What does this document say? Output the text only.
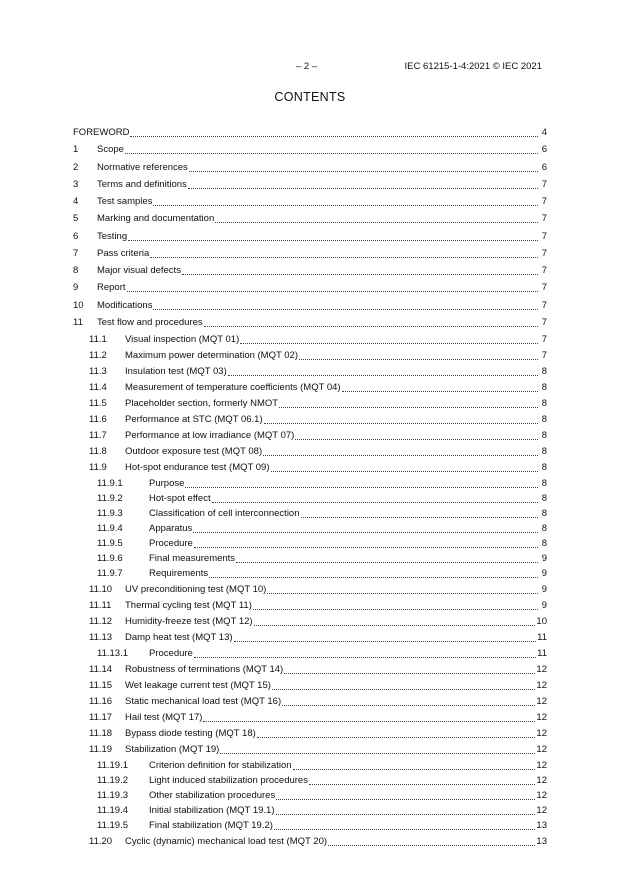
– 2 –	IEC 61215-1-4:2021 © IEC 2021
CONTENTS
FOREWORD	4
1	Scope	6
2	Normative references	6
3	Terms and definitions	7
4	Test samples	7
5	Marking and documentation	7
6	Testing	7
7	Pass criteria	7
8	Major visual defects	7
9	Report	7
10	Modifications	7
11	Test flow and procedures	7
11.1	Visual inspection (MQT 01)	7
11.2	Maximum power determination (MQT 02)	7
11.3	Insulation test (MQT 03)	8
11.4	Measurement of temperature coefficients (MQT 04)	8
11.5	Placeholder section, formerly NMOT	8
11.6	Performance at STC (MQT 06.1)	8
11.7	Performance at low irradiance (MQT 07)	8
11.8	Outdoor exposure test (MQT 08)	8
11.9	Hot-spot endurance test (MQT 09)	8
11.9.1	Purpose	8
11.9.2	Hot-spot effect	8
11.9.3	Classification of cell interconnection	8
11.9.4	Apparatus	8
11.9.5	Procedure	8
11.9.6	Final measurements	9
11.9.7	Requirements	9
11.10	UV preconditioning test (MQT 10)	9
11.11	Thermal cycling test (MQT 11)	9
11.12	Humidity-freeze test (MQT 12)	10
11.13	Damp heat test (MQT 13)	11
11.13.1	Procedure	11
11.14	Robustness of terminations (MQT 14)	12
11.15	Wet leakage current test (MQT 15)	12
11.16	Static mechanical load test (MQT 16)	12
11.17	Hail test (MQT 17)	12
11.18	Bypass diode testing (MQT 18)	12
11.19	Stabilization (MQT 19)	12
11.19.1	Criterion definition for stabilization	12
11.19.2	Light induced stabilization procedures	12
11.19.3	Other stabilization procedures	12
11.19.4	Initial stabilization (MQT 19.1)	12
11.19.5	Final stabilization (MQT 19.2)	13
11.20	Cyclic (dynamic) mechanical load test (MQT 20)	13
